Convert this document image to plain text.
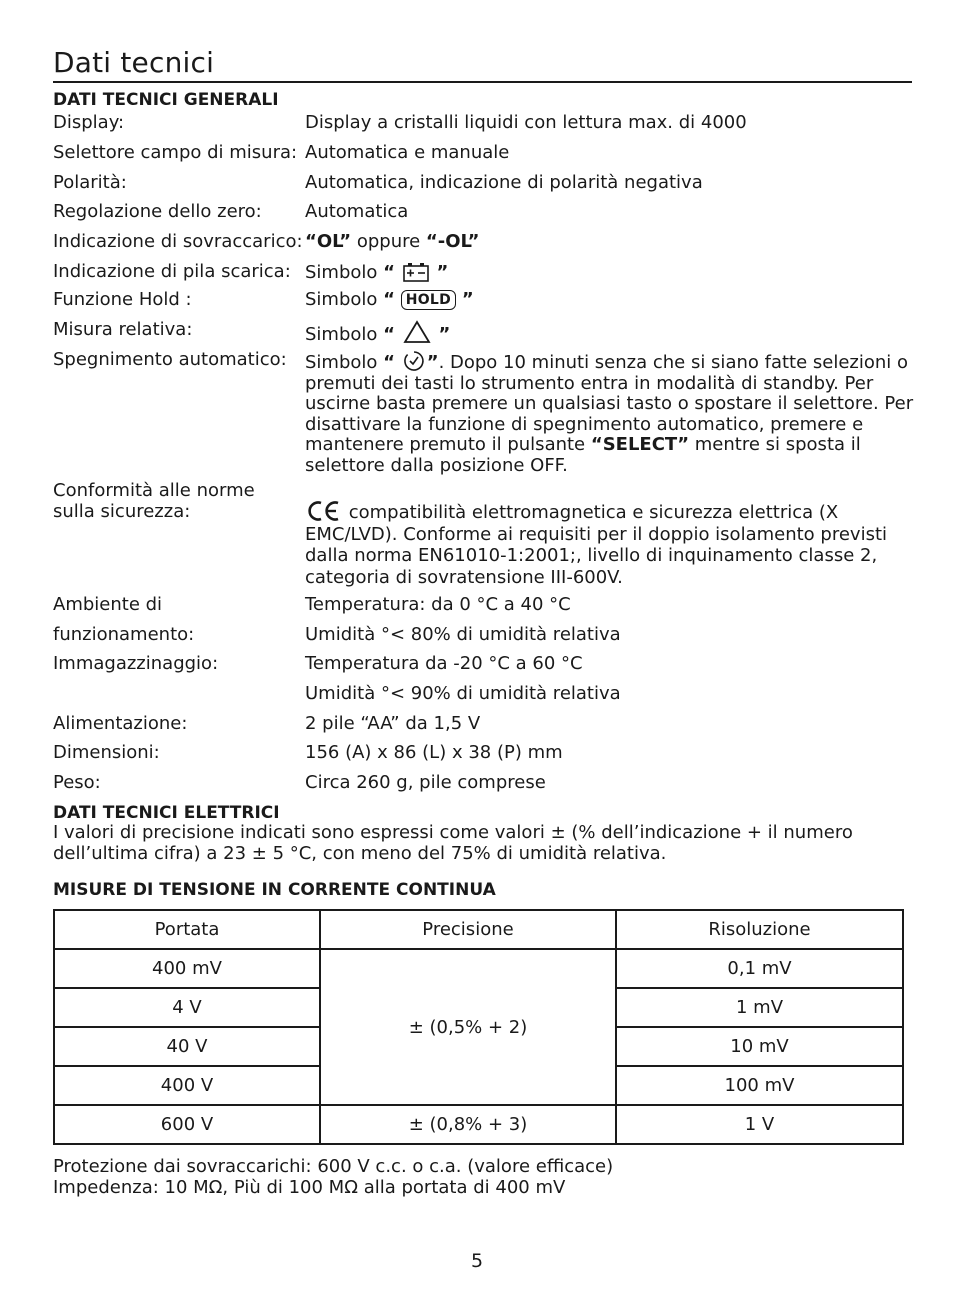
Dati tecnici
DATI TECNICI GENERALI
Display:	Display a cristalli liquidi con lettura max. di 4000
Selettore campo di misura: Automatica e manuale
Polarità:	Automatica, indicazione di polarità negativa
Regolazione dello zero:	Automatica
Indicazione di sovraccarico: “OL” oppure “-OL”
Indicazione di pila scarica: Simbolo “ ”
Funzione Hold :	Simbolo “ HOLD ”
Misura relativa:	Simbolo “ ”
Spegnimento automatico:	Simbolo “ ”. Dopo 10 minuti senza che si siano fatte selezioni o premuti dei tasti lo strumento entra in modalità di standby. Per uscirne basta premere un qualsiasi tasto o spostare il selettore. Per disattivare la funzione di spegnimento automatico, premere e mantenere premuto il pulsante “SELECT” mentre si sposta il selettore dalla posizione OFF.
Conformità alle norme
sulla sicurezza:	compatibilità elettromagnetica e sicurezza elettrica (X EMC/LVD). Conforme ai requisiti per il doppio isolamento previsti dalla norma EN61010-1:2001;, livello di inquinamento classe 2, categoria di sovratensione III-600V.
Ambiente di	Temperatura: da 0 °C a 40 °C
funzionamento:	Umidità °< 80% di umidità relativa
Immagazzinaggio:	Temperatura da -20 °C a 60 °C
Umidità °< 90% di umidità relativa
Alimentazione:	2 pile “AA” da 1,5 V
Dimensioni:	156 (A) x 86 (L) x 38 (P) mm
Peso:	Circa 260 g, pile comprese
DATI TECNICI ELETTRICI
I valori di precisione indicati sono espressi come valori ± (% dell’indicazione + il numero dell’ultima cifra) a 23 ± 5 °C, con meno del 75% di umidità relativa.
MISURE DI TENSIONE IN CORRENTE CONTINUA
Portata	Precisione	Risoluzione
400 mV	± (0,5% + 2)	0,1 mV
4 V		1 mV
40 V		10 mV
400 V		100 mV
600 V	± (0,8% + 3)	1 V
Protezione dai sovraccarichi: 600 V c.c. o c.a. (valore efficace)
Impedenza: 10 MΩ, Più di 100 MΩ alla portata di 400 mV
5
